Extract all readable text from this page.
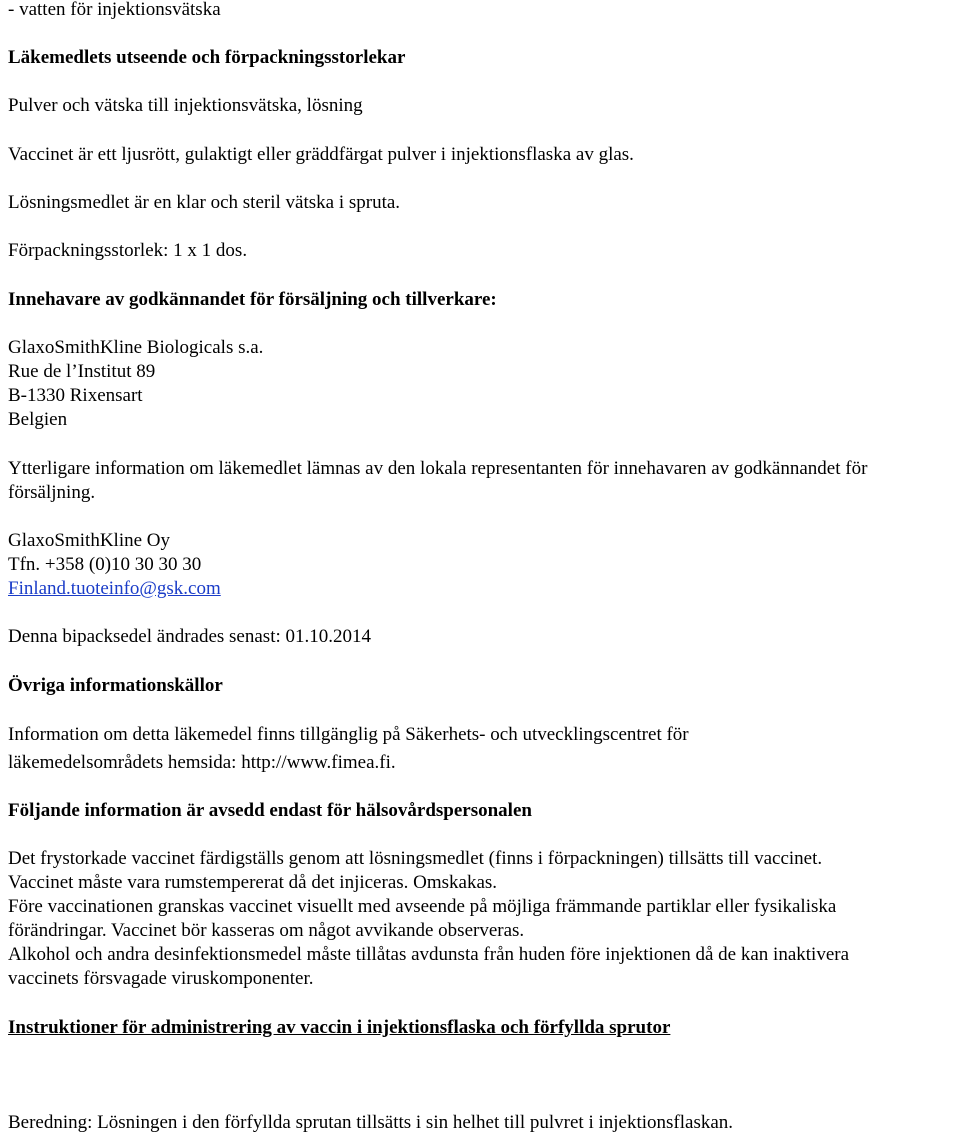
- vatten för injektionsvätska

Läkemedlets utseende och förpackningsstorlekar

Pulver och vätska till injektionsvätska, lösning

Vaccinet är ett ljusrött, gulaktigt eller gräddfärgat pulver i injektionsflaska av glas.

Lösningsmedlet är en klar och steril vätska i spruta.

Förpackningsstorlek: 1 x 1 dos.

Innehavare av godkännandet för försäljning och tillverkare:

GlaxoSmithKline Biologicals s.a.

Rue de l’Institut 89

B-1330 Rixensart

Belgien

Ytterligare information om läkemedlet lämnas av den lokala representanten för innehavaren av godkännandet för

försäljning.

GlaxoSmithKline Oy

Tfn. +358 (0)10 30 30 30

Finland.tuoteinfo@gsk.com

Denna bipacksedel ändrades senast: 01.10.2014

Övriga informationskällor

Information om detta läkemedel finns tillgänglig på Säkerhets- och utvecklingscentret för

läkemedelsområdets hemsida: http://www.fimea.fi.

Följande information är avsedd endast för hälsovårdspersonalen

Det frystorkade vaccinet färdigställs genom att lösningsmedlet (finns i förpackningen) tillsätts till vaccinet.

Vaccinet måste vara rumstempererat då det injiceras. Omskakas.

Före vaccinationen granskas vaccinet visuellt med avseende på möjliga främmande partiklar eller fysikaliska

förändringar. Vaccinet bör kasseras om något avvikande observeras.

Alkohol och andra desinfektionsmedel måste tillåtas avdunsta från huden före injektionen då de kan inaktivera

vaccinets försvagade viruskomponenter.

Instruktioner för administrering av vaccin i injektionsflaska och förfyllda sprutor

Beredning: Lösningen i den förfyllda sprutan tillsätts i sin helhet till pulvret i injektionsflaskan.
